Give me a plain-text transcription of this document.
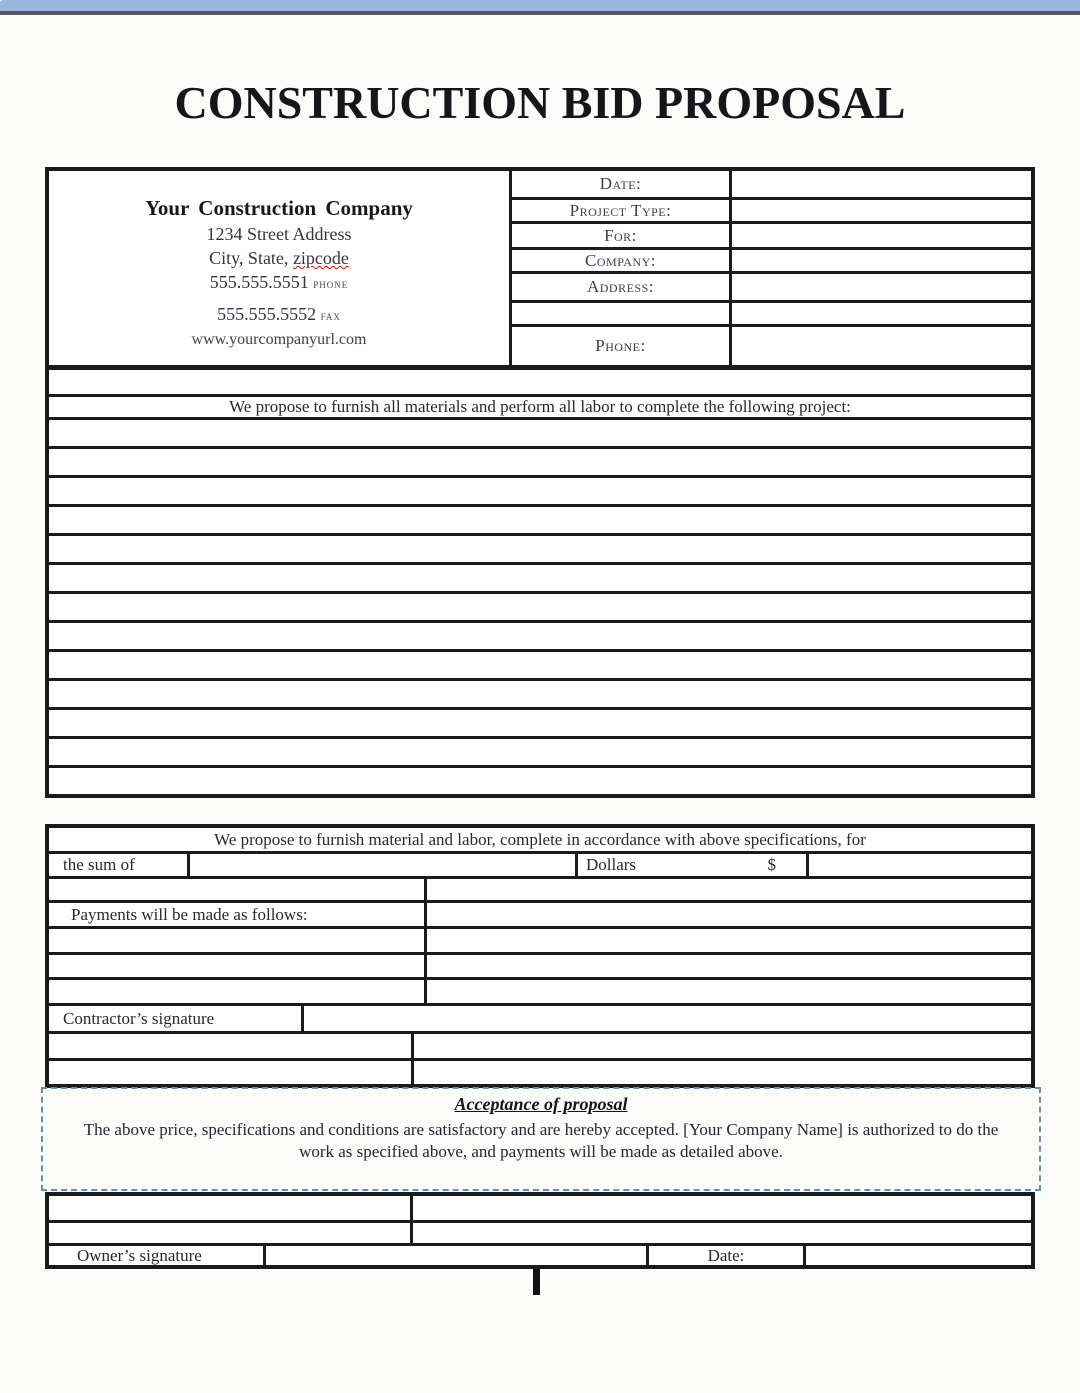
CONSTRUCTION BID PROPOSAL
Your Construction Company
1234 Street Address
City, State, zipcode
555.555.5551 phone
555.555.5552 fax
www.yourcompanyurl.com
Date:
Project Type:
For:
Company:
Address:
Phone:
We propose to furnish all materials and perform all labor to complete the following project:
We propose to furnish material and labor, complete in accordance with above specifications, for
the sum of	Dollars	$
Payments will be made as follows:
Contractor’s signature
Acceptance of proposal
The above price, specifications and conditions are satisfactory and are hereby accepted. [Your Company Name] is authorized to do the work as specified above, and payments will be made as detailed above.
Owner’s signature	Date:
